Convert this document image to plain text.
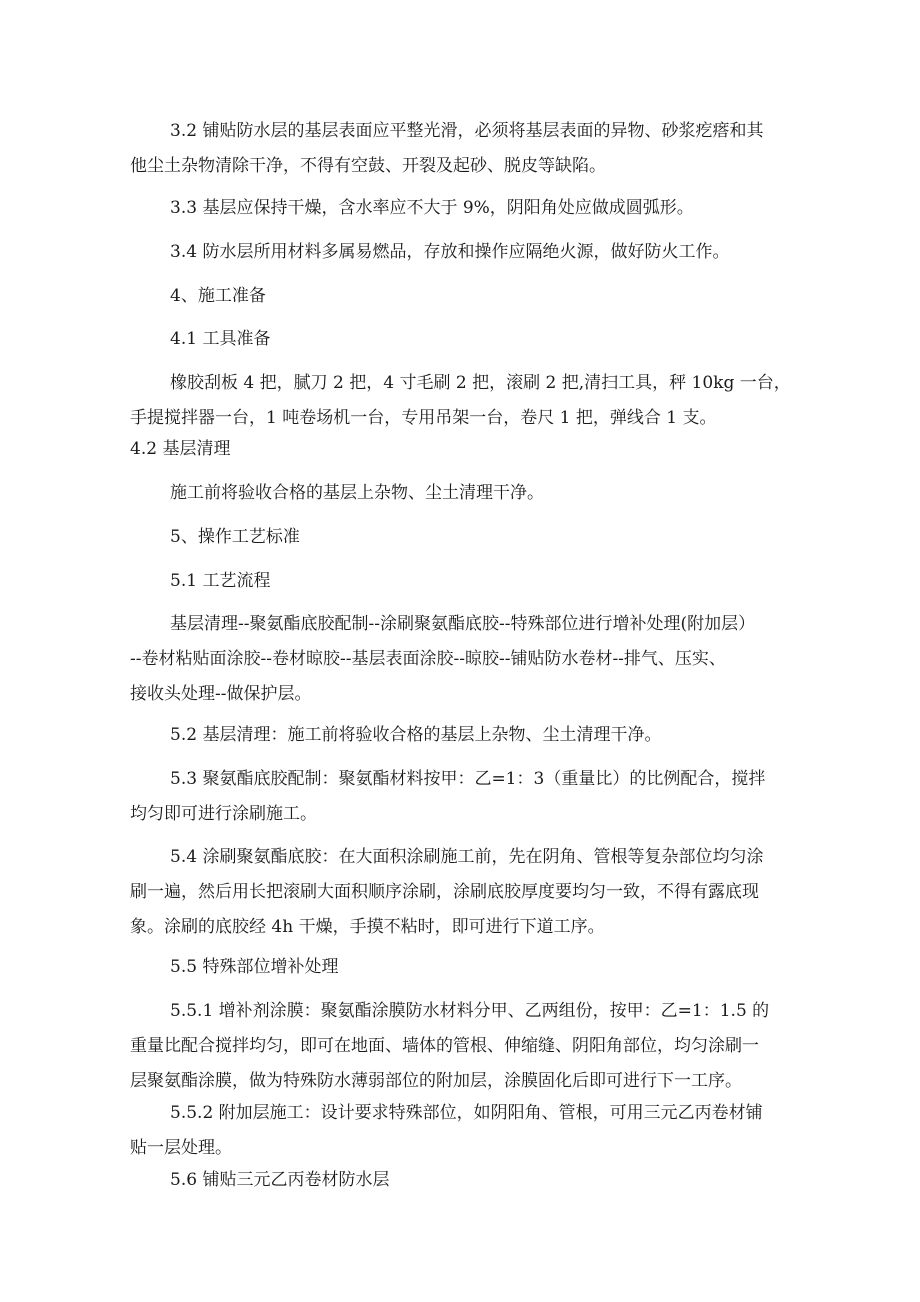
3.2 铺贴防水层的基层表面应平整光滑，必须将基层表面的异物、砂浆疙瘩和其
他尘土杂物清除干净，不得有空鼓、开裂及起砂、脱皮等缺陷。
3.3 基层应保持干燥，含水率应不大于 9%，阴阳角处应做成圆弧形。
3.4 防水层所用材料多属易燃品，存放和操作应隔绝火源，做好防火工作。
4、施工准备
4.1 工具准备
橡胶刮板 4 把，腻刀 2 把，4 寸毛刷 2 把，滚刷 2 把,清扫工具，秤 10kg 一台，
手提搅拌器一台，1 吨卷场机一台，专用吊架一台，卷尺 1 把，弹线合 1 支。
4.2 基层清理
施工前将验收合格的基层上杂物、尘土清理干净。
5、操作工艺标准
5.1 工艺流程
基层清理--聚氨酯底胶配制--涂刷聚氨酯底胶--特殊部位进行增补处理(附加层）
--卷材粘贴面涂胶--卷材晾胶--基层表面涂胶--晾胶--铺贴防水卷材--排气、压实、
接收头处理--做保护层。
5.2 基层清理：施工前将验收合格的基层上杂物、尘土清理干净。
5.3 聚氨酯底胶配制：聚氨酯材料按甲：乙=1：3（重量比）的比例配合，搅拌
均匀即可进行涂刷施工。
5.4 涂刷聚氨酯底胶：在大面积涂刷施工前，先在阴角、管根等复杂部位均匀涂
刷一遍，然后用长把滚刷大面积顺序涂刷，涂刷底胶厚度要均匀一致，不得有露底现
象。涂刷的底胶经 4h 干燥，手摸不粘时，即可进行下道工序。
5.5 特殊部位增补处理
5.5.1 增补剂涂膜：聚氨酯涂膜防水材料分甲、乙两组份，按甲：乙=1：1.5 的
重量比配合搅拌均匀，即可在地面、墙体的管根、伸缩缝、阴阳角部位，均匀涂刷一
层聚氨酯涂膜，做为特殊防水薄弱部位的附加层，涂膜固化后即可进行下一工序。
5.5.2 附加层施工：设计要求特殊部位，如阴阳角、管根，可用三元乙丙卷材铺
贴一层处理。
5.6 铺贴三元乙丙卷材防水层
